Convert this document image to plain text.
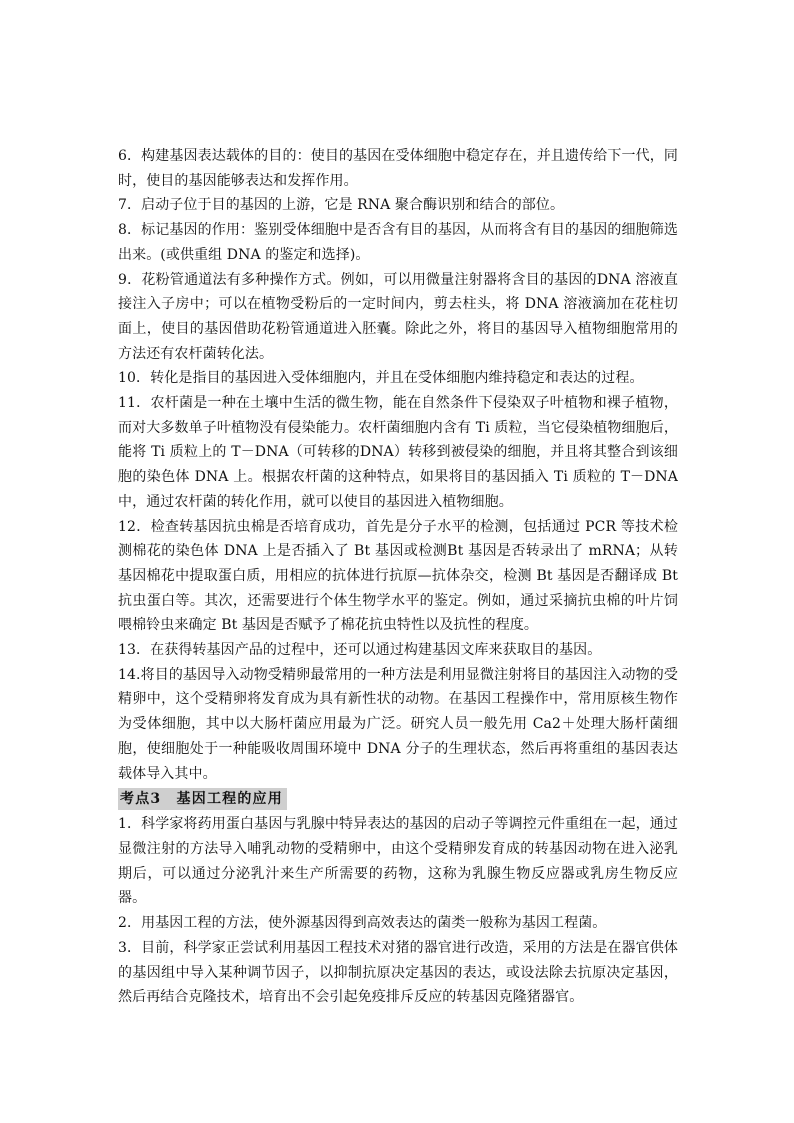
6．构建基因表达载体的目的：使目的基因在受体细胞中稳定存在，并且遗传给下一代，同时，使目的基因能够表达和发挥作用。

7．启动子位于目的基因的上游，它是 RNA 聚合酶识别和结合的部位。

8．标记基因的作用：鉴别受体细胞中是否含有目的基因，从而将含有目的基因的细胞筛选出来。(或供重组 DNA 的鉴定和选择)。

9．花粉管通道法有多种操作方式。例如，可以用微量注射器将含目的基因的DNA 溶液直接注入子房中；可以在植物受粉后的一定时间内，剪去柱头，将 DNA 溶液滴加在花柱切面上，使目的基因借助花粉管通道进入胚囊。除此之外，将目的基因导入植物细胞常用的方法还有农杆菌转化法。

10．转化是指目的基因进入受体细胞内，并且在受体细胞内维持稳定和表达的过程。

11．农杆菌是一种在土壤中生活的微生物，能在自然条件下侵染双子叶植物和裸子植物，而对大多数单子叶植物没有侵染能力。农杆菌细胞内含有 Ti 质粒，当它侵染植物细胞后，能将 Ti 质粒上的 T－DNA（可转移的DNA）转移到被侵染的细胞，并且将其整合到该细胞的染色体 DNA 上。根据农杆菌的这种特点，如果将目的基因插入 Ti 质粒的 T－DNA 中，通过农杆菌的转化作用，就可以使目的基因进入植物细胞。

12．检查转基因抗虫棉是否培育成功，首先是分子水平的检测，包括通过 PCR 等技术检测棉花的染色体 DNA 上是否插入了 Bt 基因或检测Bt 基因是否转录出了 mRNA；从转基因棉花中提取蛋白质，用相应的抗体进行抗原—抗体杂交，检测 Bt 基因是否翻译成 Bt 抗虫蛋白等。其次，还需要进行个体生物学水平的鉴定。例如，通过采摘抗虫棉的叶片饲喂棉铃虫来确定 Bt 基因是否赋予了棉花抗虫特性以及抗性的程度。

13．在获得转基因产品的过程中，还可以通过构建基因文库来获取目的基因。

14.将目的基因导入动物受精卵最常用的一种方法是利用显微注射将目的基因注入动物的受精卵中，这个受精卵将发育成为具有新性状的动物。在基因工程操作中，常用原核生物作为受体细胞，其中以大肠杆菌应用最为广泛。研究人员一般先用 Ca2＋处理大肠杆菌细胞，使细胞处于一种能吸收周围环境中 DNA 分子的生理状态，然后再将重组的基因表达载体导入其中。

考点3　基因工程的应用

1．科学家将药用蛋白基因与乳腺中特异表达的基因的启动子等调控元件重组在一起，通过显微注射的方法导入哺乳动物的受精卵中，由这个受精卵发育成的转基因动物在进入泌乳期后，可以通过分泌乳汁来生产所需要的药物，这称为乳腺生物反应器或乳房生物反应器。

2．用基因工程的方法，使外源基因得到高效表达的菌类一般称为基因工程菌。

3．目前，科学家正尝试利用基因工程技术对猪的器官进行改造，采用的方法是在器官供体的基因组中导入某种调节因子，以抑制抗原决定基因的表达，或设法除去抗原决定基因，然后再结合克隆技术，培育出不会引起免疫排斥反应的转基因克隆猪器官。
